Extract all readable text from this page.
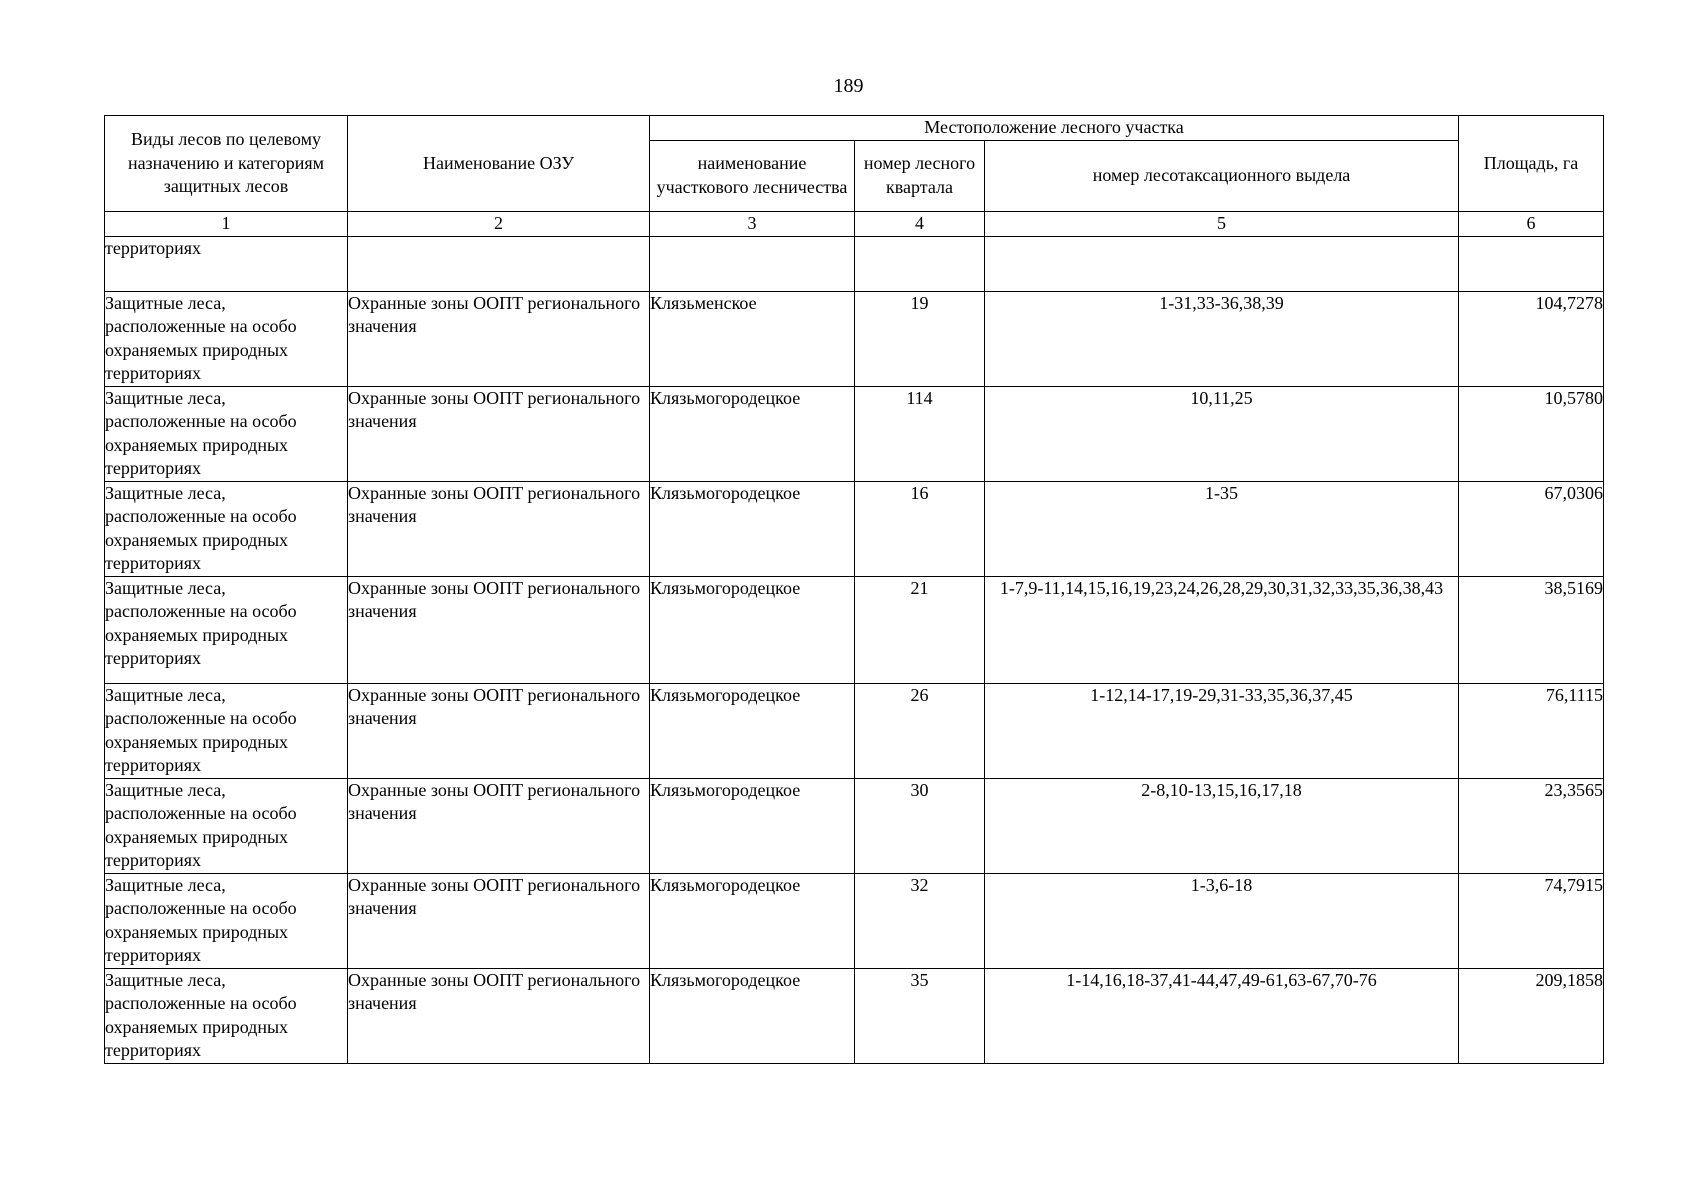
189
Виды лесов по целевому назначению и категориям защитных лесов	Наименование ОЗУ	Местоположение лесного участка			Площадь, га
		наименование участкового лесничества	номер лесного квартала	номер лесотаксационного выдела	
1	2	3	4	5	6
территориях					
Защитные леса, расположенные на особо охраняемых природных территориях	Охранные зоны ООПТ регионального значения	Клязьменское	19	1-31,33-36,38,39	104,7278
Защитные леса, расположенные на особо охраняемых природных территориях	Охранные зоны ООПТ регионального значения	Клязьмогородецкое	114	10,11,25	10,5780
Защитные леса, расположенные на особо охраняемых природных территориях	Охранные зоны ООПТ регионального значения	Клязьмогородецкое	16	1-35	67,0306
Защитные леса, расположенные на особо охраняемых природных территориях	Охранные зоны ООПТ регионального значения	Клязьмогородецкое	21	1-7,9-11,14,15,16,19,23,24,26,28,29,30,31,32,33,35,36,38,43	38,5169
Защитные леса, расположенные на особо охраняемых природных территориях	Охранные зоны ООПТ регионального значения	Клязьмогородецкое	26	1-12,14-17,19-29,31-33,35,36,37,45	76,1115
Защитные леса, расположенные на особо охраняемых природных территориях	Охранные зоны ООПТ регионального значения	Клязьмогородецкое	30	2-8,10-13,15,16,17,18	23,3565
Защитные леса, расположенные на особо охраняемых природных территориях	Охранные зоны ООПТ регионального значения	Клязьмогородецкое	32	1-3,6-18	74,7915
Защитные леса, расположенные на особо охраняемых природных территориях	Охранные зоны ООПТ регионального значения	Клязьмогородецкое	35	1-14,16,18-37,41-44,47,49-61,63-67,70-76	209,1858
